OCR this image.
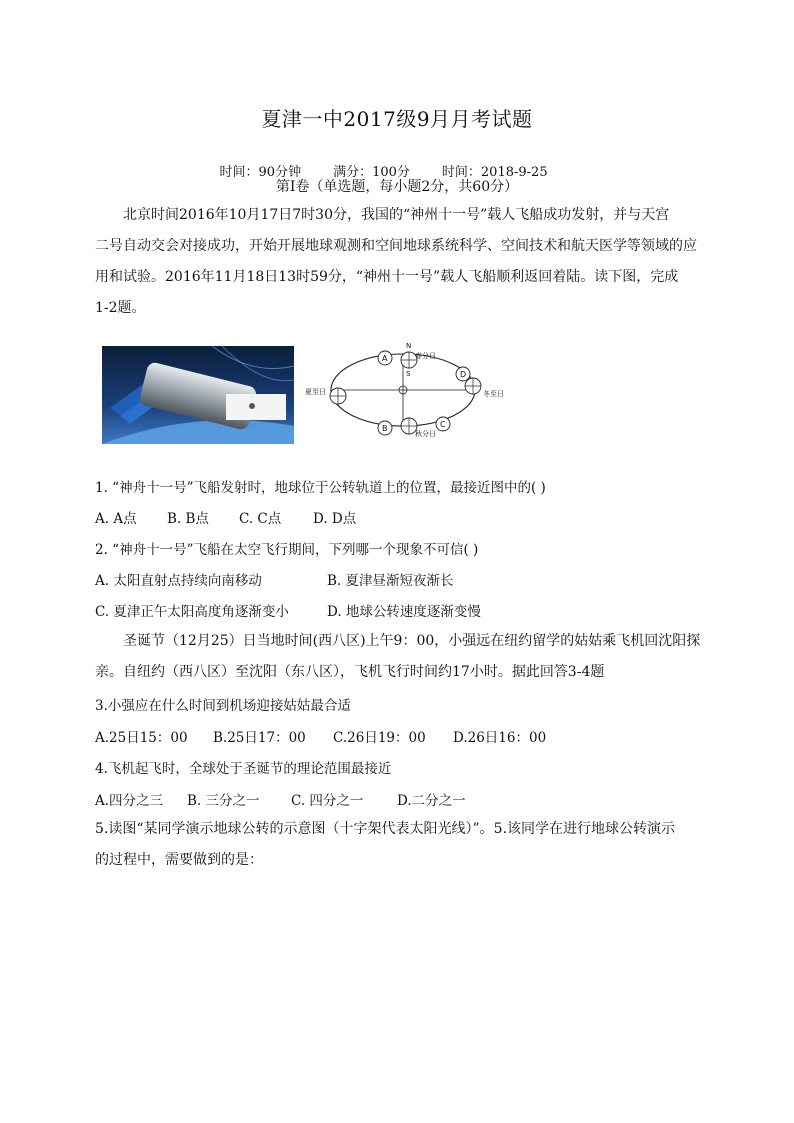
夏津一中2017级9月月考试题

时间：90分钟 满分：100分 时间：2018-9-25

第Ⅰ卷（单选题，每小题2分，共60分）
北京时间2016年10月17日7时30分，我国的“神州十一号”载人飞船成功发射，并与天宫
二号自动交会对接成功，开始开展地球观测和空间地球系统科学、空间技术和航天医学等领域的应
用和试验。2016年11月18日13时59分，“神州十一号”载人飞船顺利返回着陆。读下图，完成
1-2题。
A
B	C
D
春分日
夏至日
秋分日
冬至日
N
S
1. “神舟十一号”飞船发射时，地球位于公转轨道上的位置，最接近图中的( )
A. A点 B. B点 C. C点 D. D点
2. “神舟十一号”飞船在太空飞行期间，下列哪一个现象不可信( )
A. 太阳直射点持续向南移动	B. 夏津昼渐短夜渐长
C. 夏津正午太阳高度角逐渐变小	D. 地球公转速度逐渐变慢
圣诞节（12月25）日当地时间(西八区)上午9：00，小强远在纽约留学的姑姑乘飞机回沈阳探
亲。自纽约（西八区）至沈阳（东八区），飞机飞行时间约17小时。据此回答3-4题
3.小强应在什么时间到机场迎接姑姑最合适
A.25日15：00 B.25日17：00 C.26日19：00 D.26日16：00
4.飞机起飞时，全球处于圣诞节的理论范围最接近
A.四分之三 B. 三分之一 C. 四分之一 D.二分之一
5.读图“某同学演示地球公转的示意图（十字架代表太阳光线）”。5.该同学在进行地球公转演示
的过程中，需要做到的是：
